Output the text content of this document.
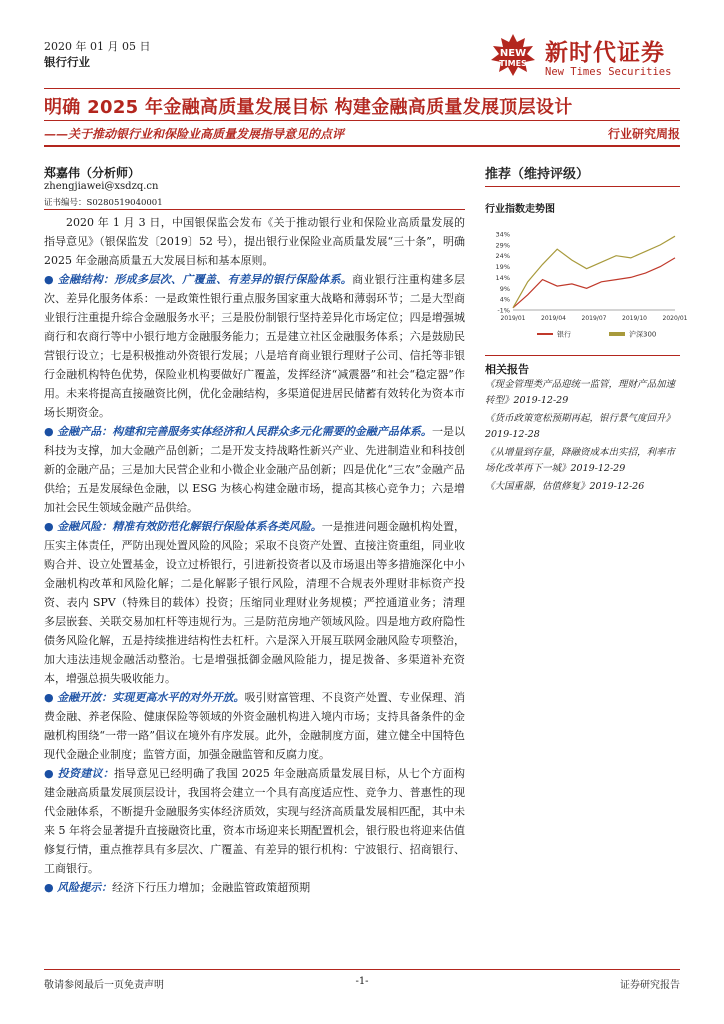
2020 年 01 月 05 日
银行行业
NEW
TIMES 新时代证券
New Times Securities
明确 2025 年金融高质量发展目标 构建金融高质量发展顶层设计
——关于推动银行业和保险业高质量发展指导意见的点评	行业研究周报
郑嘉伟（分析师）
zhengjiawei@xsdzq.cn
证书编号：S0280519040001
推荐（维持评级）
行业指数走势图
34%
29%
24%
19%
14%
9%
4%
-1%
2019/01	2019/04	2019/07	2019/10	2020/01
银行	沪深300
相关报告
《现金管理类产品迎统一监管，理财产品加速转型》2019-12-29
《货币政策宽松预期再起，银行景气度回升》2019-12-28
《从增量到存量，降融资成本出实招，利率市场化改革再下一城》2019-12-29
《大国重器，估值修复》2019-12-26

2020 年 1 月 3 日，中国银保监会发布《关于推动银行业和保险业高质量发展的指导意见》（银保监发〔2019〕52 号），提出银行业保险业高质量发展“三十条”，明确 2025 年金融高质量五大发展目标和基本原则。

● 金融结构：形成多层次、广覆盖、有差异的银行保险体系。商业银行注重构建多层次、差异化服务体系：一是政策性银行重点服务国家重大战略和薄弱环节；二是大型商业银行注重提升综合金融服务水平；三是股份制银行坚持差异化市场定位；四是增强城商行和农商行等中小银行地方金融服务能力；五是建立社区金融服务体系；六是鼓励民营银行设立；七是积极推动外资银行发展；八是培育商业银行理财子公司、信托等非银行金融机构特色优势，保险业机构要做好广覆盖，发挥经济“减震器”和社会“稳定器”作用。未来将提高直接融资比例，优化金融结构，多渠道促进居民储蓄有效转化为资本市场长期资金。

● 金融产品：构建和完善服务实体经济和人民群众多元化需要的金融产品体系。一是以科技为支撑，加大金融产品创新；二是开发支持战略性新兴产业、先进制造业和科技创新的金融产品；三是加大民营企业和小微企业金融产品创新；四是优化“三农”金融产品供给；五是发展绿色金融，以 ESG 为核心构建金融市场，提高其核心竞争力；六是增加社会民生领域金融产品供给。

● 金融风险：精准有效防范化解银行保险体系各类风险。一是推进问题金融机构处置，压实主体责任，严防出现处置风险的风险；采取不良资产处置、直接注资重组，同业收购合并、设立处置基金，设立过桥银行，引进新投资者以及市场退出等多措施深化中小金融机构改革和风险化解；二是化解影子银行风险，清理不合规表外理财非标资产投资、表内 SPV（特殊目的载体）投资；压缩同业理财业务规模；严控通道业务；清理多层嵌套、关联交易加杠杆等违规行为。三是防范房地产领域风险。四是地方政府隐性债务风险化解，五是持续推进结构性去杠杆。六是深入开展互联网金融风险专项整治，加大违法违规金融活动整治。七是增强抵御金融风险能力，提足拨备、多渠道补充资本，增强总损失吸收能力。

● 金融开放：实现更高水平的对外开放。吸引财富管理、不良资产处置、专业保理、消费金融、养老保险、健康保险等领域的外资金融机构进入境内市场；支持具备条件的金融机构围绕“一带一路”倡议在境外有序发展。此外，金融制度方面，建立健全中国特色现代金融企业制度；监管方面，加强金融监管和反腐力度。

● 投资建议：指导意见已经明确了我国 2025 年金融高质量发展目标，从七个方面构建金融高质量发展顶层设计，我国将会建立一个具有高度适应性、竞争力、普惠性的现代金融体系，不断提升金融服务实体经济质效，实现与经济高质量发展相匹配，其中未来 5 年将会显著提升直接融资比重，资本市场迎来长期配置机会，银行股也将迎来估值修复行情，重点推荐具有多层次、广覆盖、有差异的银行机构：宁波银行、招商银行、工商银行。

● 风险提示：经济下行压力增加；金融监管政策超预期

敬请参阅最后一页免责声明	-1-	证券研究报告
